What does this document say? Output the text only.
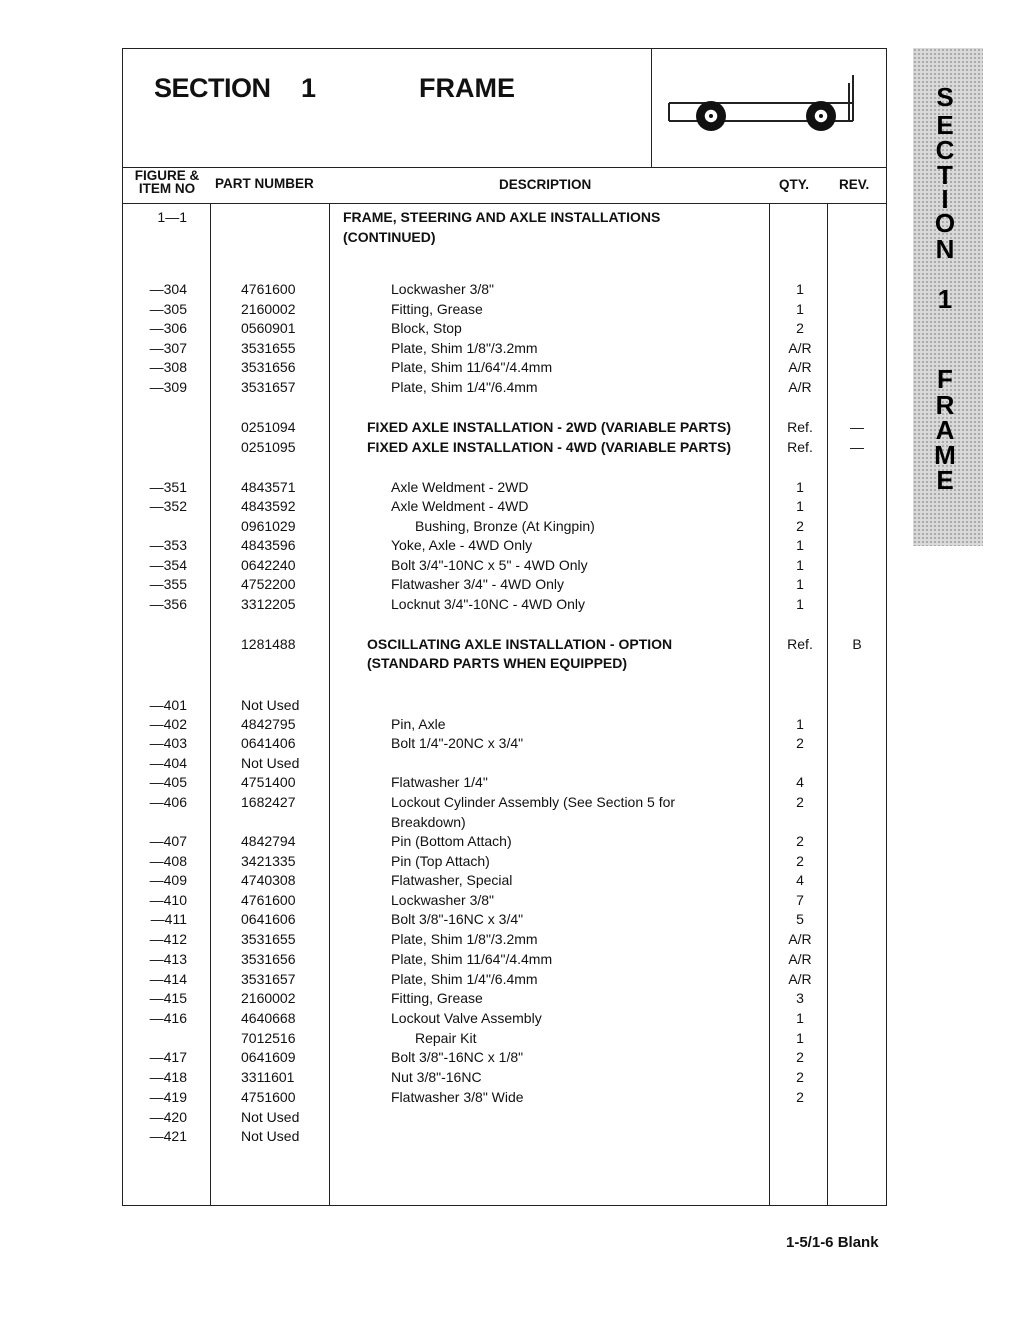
SECTION 1	FRAME
FIGURE & ITEM NO	PART NUMBER	DESCRIPTION	QTY. REV.
1—1	FRAME, STEERING AND AXLE INSTALLATIONS
(CONTINUED)
—304	4761600	Lockwasher 3/8"	1
—305	2160002	Fitting, Grease	1
—306	0560901	Block, Stop	2
—307	3531655	Plate, Shim 1/8"/3.2mm	A/R
—308	3531656	Plate, Shim 11/64"/4.4mm	A/R
—309	3531657	Plate, Shim 1/4"/6.4mm	A/R
0251094	FIXED AXLE INSTALLATION - 2WD (VARIABLE PARTS)	Ref.	—
0251095	FIXED AXLE INSTALLATION - 4WD (VARIABLE PARTS)	Ref.	—
—351	4843571	Axle Weldment - 2WD	1
—352	4843592	Axle Weldment - 4WD	1
0961029	Bushing, Bronze (At Kingpin)	2
—353	4843596	Yoke, Axle - 4WD Only	1
—354	0642240	Bolt 3/4"-10NC x 5" - 4WD Only	1
—355	4752200	Flatwasher 3/4" - 4WD Only	1
—356	3312205	Locknut 3/4"-10NC - 4WD Only	1
1281488	OSCILLATING AXLE INSTALLATION - OPTION	Ref.	B
(STANDARD PARTS WHEN EQUIPPED)
—401	Not Used
—402	4842795	Pin, Axle	1
—403	0641406	Bolt 1/4"-20NC x 3/4"	2
—404	Not Used
—405	4751400	Flatwasher 1/4"	4
—406	1682427	Lockout Cylinder Assembly (See Section 5 for	2
Breakdown)
—407	4842794	Pin (Bottom Attach)	2
—408	3421335	Pin (Top Attach)	2
—409	4740308	Flatwasher, Special	4
—410	4761600	Lockwasher 3/8"	7
—411	0641606	Bolt 3/8"-16NC x 3/4"	5
—412	3531655	Plate, Shim 1/8"/3.2mm	A/R
—413	3531656	Plate, Shim 11/64"/4.4mm	A/R
—414	3531657	Plate, Shim 1/4"/6.4mm	A/R
—415	2160002	Fitting, Grease	3
—416	4640668	Lockout Valve Assembly	1
7012516	Repair Kit	1
—417	0641609	Bolt 3/8"-16NC x 1/8"	2
—418	3311601	Nut 3/8"-16NC	2
—419	4751600	Flatwasher 3/8" Wide	2
—420	Not Used
—421	Not Used
S
E
C
T
I
O
N
1
F
R
A
M
E
1-5/1-6 Blank
